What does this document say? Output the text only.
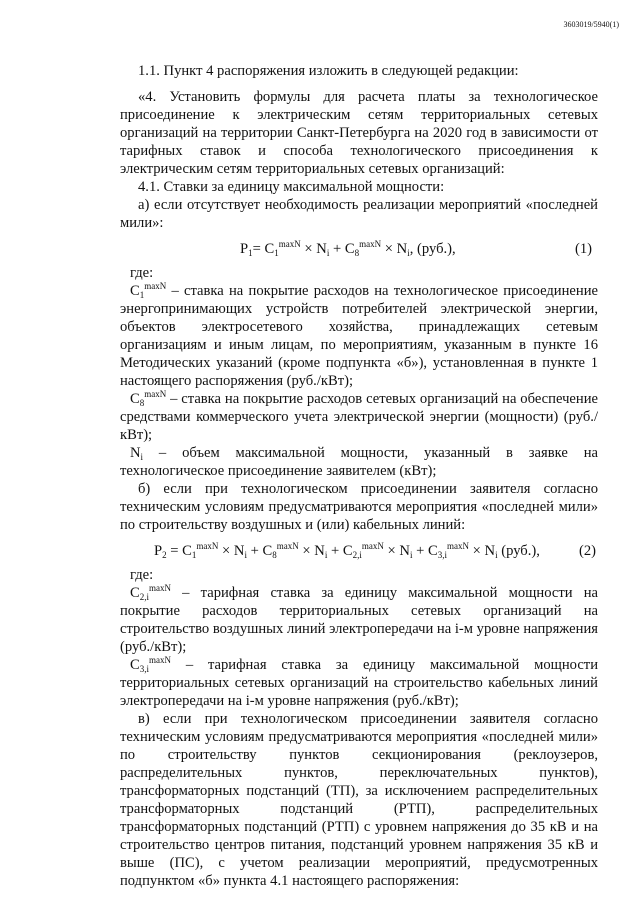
3603019/5940(1)

1.1. Пункт 4 распоряжения изложить в следующей редакции:

«4. Установить формулы для расчета платы за технологическое присоединение к электрическим сетям территориальных сетевых организаций на территории Санкт-Петербурга на 2020 год в зависимости от тарифных ставок и способа технологического присоединения к электрическим сетям территориальных сетевых организаций:

4.1. Ставки за единицу максимальной мощности:

а) если отсутствует необходимость реализации мероприятий «последней мили»:

$P_1= C_1^{maxN} \times N_i + C_8^{maxN} \times N_i$, (руб.),	(1)

где:

$C_1^{maxN}$ – ставка на покрытие расходов на технологическое присоединение энергопринимающих устройств потребителей электрической энергии, объектов электросетевого хозяйства, принадлежащих сетевым организациям и иным лицам, по мероприятиям, указанным в пункте 16 Методических указаний (кроме подпункта «б»), установленная в пункте 1 настоящего распоряжения (руб./кВт);

$C_8^{maxN}$ – ставка на покрытие расходов сетевых организаций на обеспечение средствами коммерческого учета электрической энергии (мощности) (руб./кВт);

$N_i$ – объем максимальной мощности, указанный в заявке на технологическое присоединение заявителем (кВт);

б) если при технологическом присоединении заявителя согласно техническим условиям предусматриваются мероприятия «последней мили» по строительству воздушных и (или) кабельных линий:

$P_2 = C_1^{maxN} \times N_i + C_8^{maxN} \times N_i + C_{2,i}^{maxN} \times N_i + C_{3,i}^{maxN} \times N_i$ (руб.),	(2)

где:

$C_{2,i}^{maxN}$ – тарифная ставка за единицу максимальной мощности на покрытие расходов территориальных сетевых организаций на строительство воздушных линий электропередачи на i-м уровне напряжения (руб./кВт);

$C_{3,i}^{maxN}$ – тарифная ставка за единицу максимальной мощности территориальных сетевых организаций на строительство кабельных линий электропередачи на i-м уровне напряжения (руб./кВт);

в) если при технологическом присоединении заявителя согласно техническим условиям предусматриваются мероприятия «последней мили» по строительству пунктов секционирования (реклоузеров, распределительных пунктов, переключательных пунктов), трансформаторных подстанций (ТП), за исключением распределительных трансформаторных подстанций (РТП), распределительных трансформаторных подстанций (РТП) с уровнем напряжения до 35 кВ и на строительство центров питания, подстанций уровнем напряжения 35 кВ и выше (ПС), с учетом реализации мероприятий, предусмотренных подпунктом «б» пункта 4.1 настоящего распоряжения:
